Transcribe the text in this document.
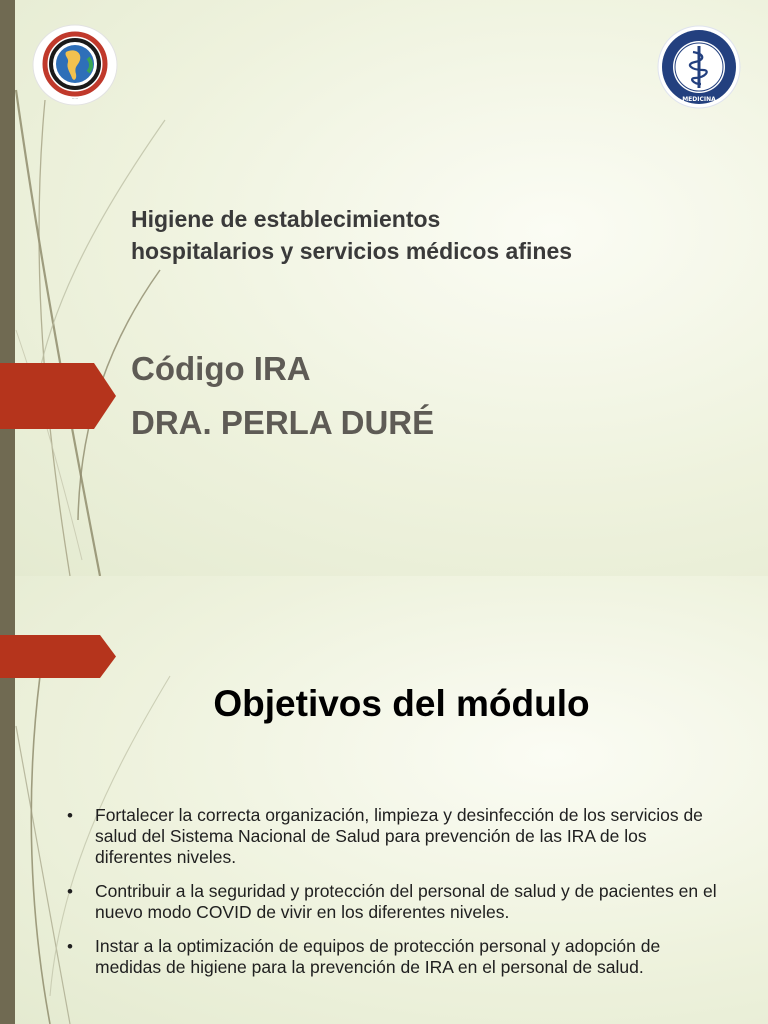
·····	MEDICINA
Higiene de establecimientos
hospitalarios y servicios médicos afines

Código IRA

DRA. PERLA DURÉ

Objetivos del módulo
• Fortalecer la correcta organización, limpieza y desinfección de los servicios de salud del Sistema Nacional de Salud para prevención de las IRA de los diferentes niveles.
• Contribuir a la seguridad y protección del personal de salud y de pacientes en el nuevo modo COVID de vivir en los diferentes niveles.
• Instar a la optimización de equipos de protección personal y adopción de medidas de higiene para la prevención de IRA en el personal de salud.
